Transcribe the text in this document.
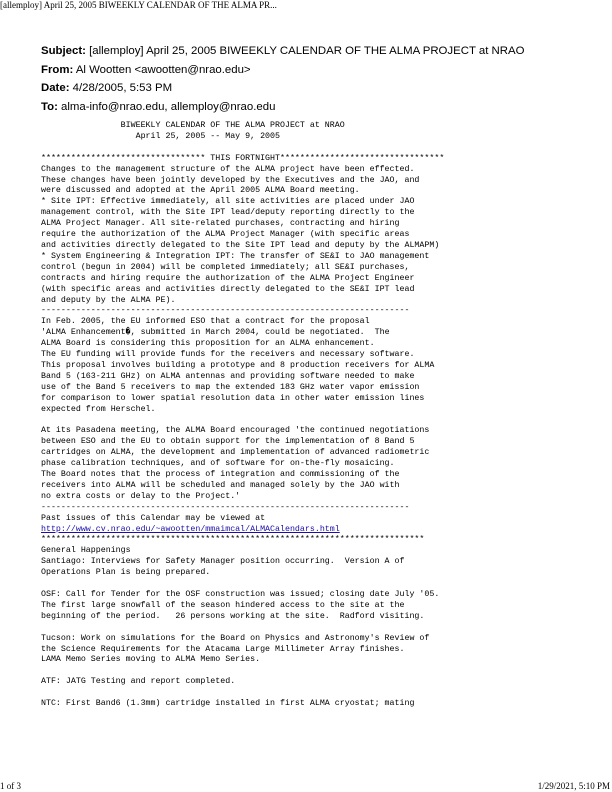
[allemploy] April 25, 2005 BIWEEKLY CALENDAR OF THE ALMA PR...
Subject: [allemploy] April 25, 2005 BIWEEKLY CALENDAR OF THE ALMA PROJECT at NRAO
From: Al Wootten <awootten@nrao.edu>
Date: 4/28/2005, 5:53 PM
To: alma-info@nrao.edu, allemploy@nrao.edu
BIWEEKLY CALENDAR OF THE ALMA PROJECT at NRAO
April 25, 2005 -- May 9, 2005

********************************* THIS FORTNIGHT*********************************
Changes to the management structure of the ALMA project have been effected.
These changes have been jointly developed by the Executives and the JAO, and
were discussed and adopted at the April 2005 ALMA Board meeting.
* Site IPT: Effective immediately, all site activities are placed under JAO
management control, with the Site IPT lead/deputy reporting directly to the
ALMA Project Manager. All site-related purchases, contracting and hiring
require the authorization of the ALMA Project Manager (with specific areas
and activities directly delegated to the Site IPT lead and deputy by the ALMAPM)
* System Engineering & Integration IPT: The transfer of SE&I to JAO management
control (begun in 2004) will be completed immediately; all SE&I purchases,
contracts and hiring require the authorization of the ALMA Project Engineer
(with specific areas and activities directly delegated to the SE&I IPT lead
and deputy by the ALMA PE).
--------------------------------------------------------------------------
In Feb. 2005, the EU informed ESO that a contract for the proposal
'ALMA Enhancement�, submitted in March 2004, could be negotiated.  The
ALMA Board is considering this proposition for an ALMA enhancement.
The EU funding will provide funds for the receivers and necessary software.
This proposal involves building a prototype and 8 production receivers for ALMA
Band 5 (163-211 GHz) on ALMA antennas and providing software needed to make
use of the Band 5 receivers to map the extended 183 GHz water vapor emission
for comparison to lower spatial resolution data in other water emission lines
expected from Herschel.

At its Pasadena meeting, the ALMA Board encouraged 'the continued negotiations
between ESO and the EU to obtain support for the implementation of 8 Band 5
cartridges on ALMA, the development and implementation of advanced radiometric
phase calibration techniques, and of software for on-the-fly mosaicing.
The Board notes that the process of integration and commissioning of the
receivers into ALMA will be scheduled and managed solely by the JAO with
no extra costs or delay to the Project.'
--------------------------------------------------------------------------
Past issues of this Calendar may be viewed at
http://www.cv.nrao.edu/~awootten/mmaimcal/ALMACalendars.html
*****************************************************************************
General Happenings
Santiago: Interviews for Safety Manager position occurring.  Version A of
Operations Plan is being prepared.

OSF: Call for Tender for the OSF construction was issued; closing date July '05.
The first large snowfall of the season hindered access to the site at the
beginning of the period.   26 persons working at the site.  Radford visiting.

Tucson: Work on simulations for the Board on Physics and Astronomy's Review of
the Science Requirements for the Atacama Large Millimeter Array finishes.
LAMA Memo Series moving to ALMA Memo Series.

ATF: JATG Testing and report completed.

NTC: First Band6 (1.3mm) cartridge installed in first ALMA cryostat; mating
1 of 3	1/29/2021, 5:10 PM
